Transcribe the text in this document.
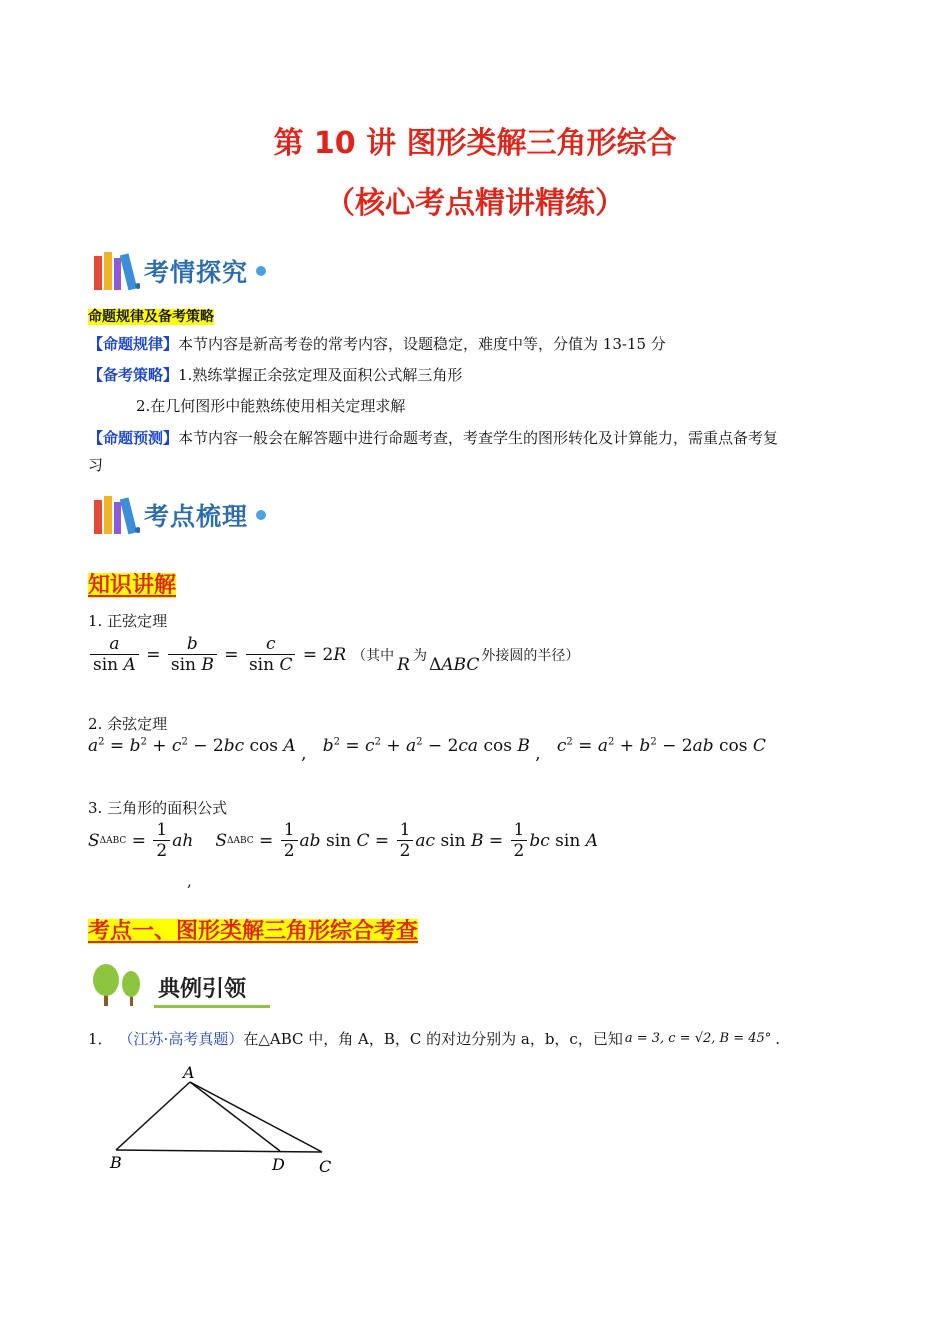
第 10 讲 图形类解三角形综合
（核心考点精讲精练）
考情探究
命题规律及备考策略
【命题规律】本节内容是新高考卷的常考内容，设题稳定，难度中等，分值为 13-15 分
【备考策略】1.熟练掌握正余弦定理及面积公式解三角形
2.在几何图形中能熟练使用相关定理求解
【命题预测】本节内容一般会在解答题中进行命题考查，考查学生的图形转化及计算能力，需重点备考复
习
考点梳理
知识讲解
1. 正弦定理
$\frac{a}{\text{sin A}} = \frac{b}{\text{sin B}} = \frac{c}{\text{sin C}} = 2R$ （其中 R 为 ΔABC 外接圆的半径）
2. 余弦定理
$a^2 = b^2 + c^2 - 2bc$ cos A , $b^2 = c^2 + a^2 - 2ca$ cos B , $c^2 = a^2 + b^2 - 2ab$ cos C
3. 三角形的面积公式
S $\Delta ABC = \frac{1}{2}$ ah S $\Delta ABC = \frac{1}{2}$ ab $\sin C = \frac{1}{2}$ ac $\sin B = \frac{1}{2}$ bc sin A
,
考点一、图形类解三角形综合考查
典例引领
1． （江苏·高考真题） 在△ABC 中，角 A，B，C 的对边分别为 a，b，c，已知 a = 3, c = √2, B = 45° .
A
B	D C
